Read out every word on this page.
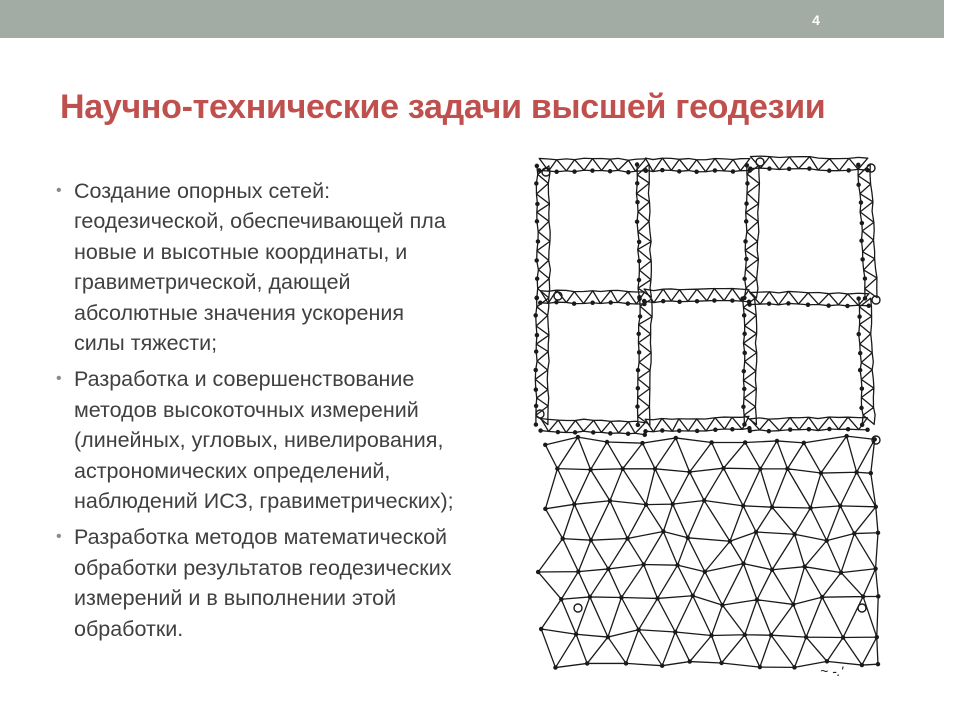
4
Научно-технические задачи высшей геодезии
• Создание опорных сетей:
геодезической, обеспечивающей пла
новые и высотные координаты, и
гравиметрической, дающей
абсолютные значения ускорения
силы тяжести;
• Разработка и совершенствование
методов высокоточных измерений
(линейных, угловых, нивелирования,
астрономических определений,
наблюдений ИСЗ, гравиметрических);
• Разработка методов математической
обработки результатов геодезических
измерений и в выполнении этой
обработки.
~ -.'
